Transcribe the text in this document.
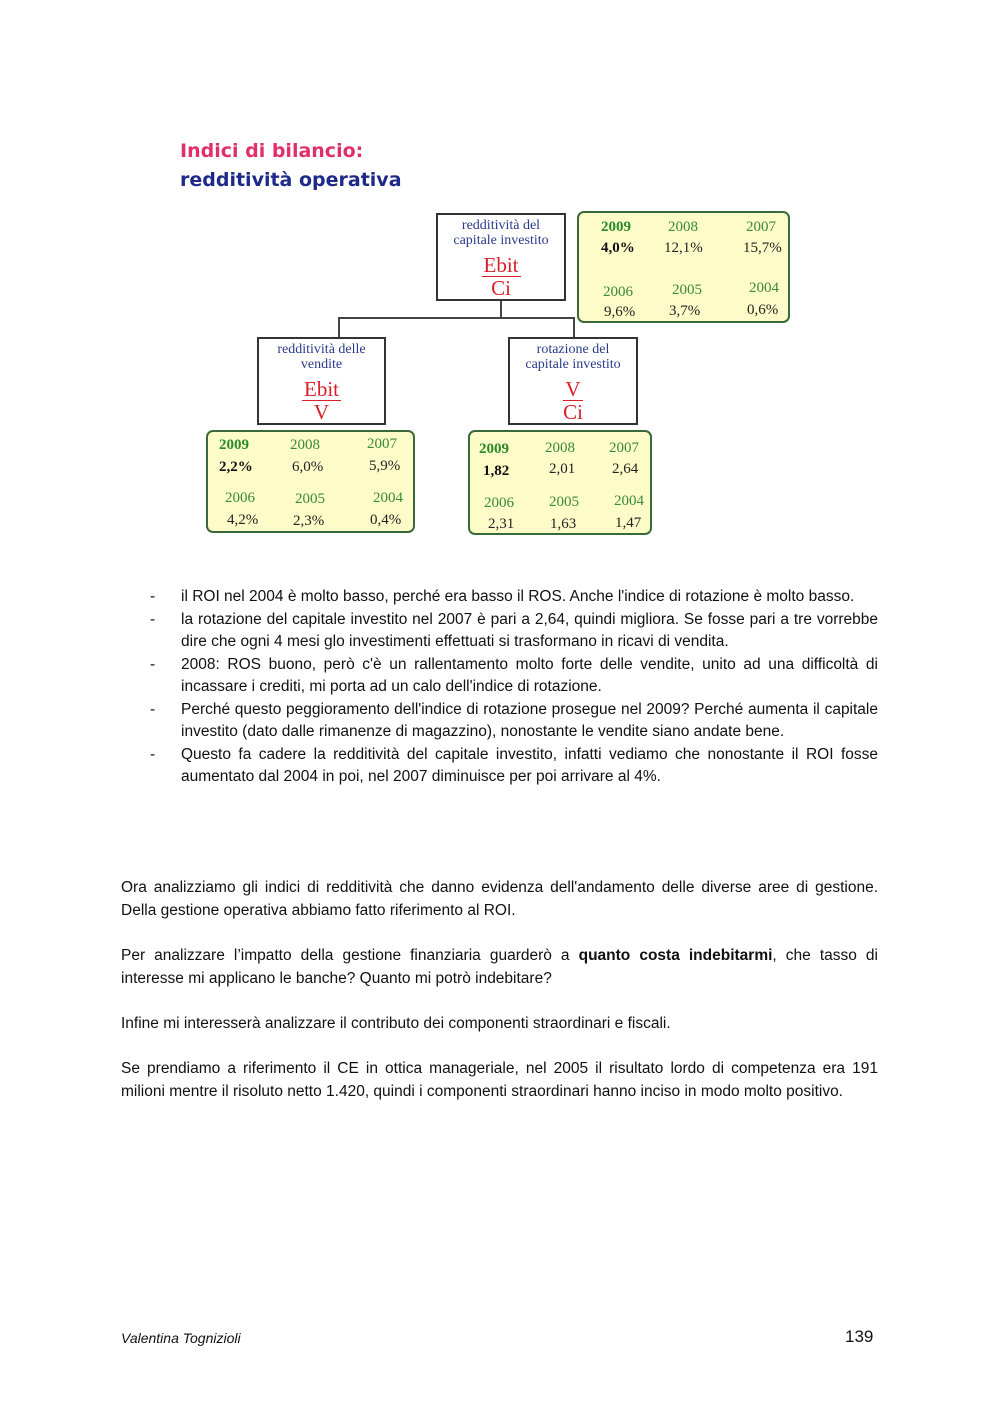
Indici di bilancio:
redditività operativa
redditività del
capitale investito
Ebit
Ci
2009 2008	2007
4,0% 12,1%	15,7%
2006	2005	2004
9,6% 3,7%	0,6%
redditività delle
vendite
Ebit
V
rotazione del
capitale investito
V
Ci
2009	2008	2007
2,2%	6,0%	5,9%
2006	2005	2004
4,2% 2,3%	0,4%
2009 2008 2007
1,82	2,01 2,64
2006 2005 2004
2,31 1,63	1,47
- il ROI nel 2004 è molto basso, perché era basso il ROS. Anche l'indice di rotazione è molto basso.
- la rotazione del capitale investito nel 2007 è pari a 2,64, quindi migliora. Se fosse pari a tre vorrebbe dire che ogni 4 mesi glo investimenti effettuati si trasformano in ricavi di vendita.
- 2008: ROS buono, però c'è un rallentamento molto forte delle vendite, unito ad una difficoltà di incassare i crediti, mi porta ad un calo dell'indice di rotazione.
- Perché questo peggioramento dell'indice di rotazione prosegue nel 2009? Perché aumenta il capitale investito (dato dalle rimanenze di magazzino), nonostante le vendite siano andate bene.
- Questo fa cadere la redditività del capitale investito, infatti vediamo che nonostante il ROI fosse aumentato dal 2004 in poi, nel 2007 diminuisce per poi arrivare al 4%.

Ora analizziamo gli indici di redditività che danno evidenza dell'andamento delle diverse aree di gestione. Della gestione operativa abbiamo fatto riferimento al ROI.

Per analizzare l’impatto della gestione finanziaria guarderò a quanto costa indebitarmi, che tasso di interesse mi applicano le banche? Quanto mi potrò indebitare?

Infine mi interesserà analizzare il contributo dei componenti straordinari e fiscali.

Se prendiamo a riferimento il CE in ottica manageriale, nel 2005 il risultato lordo di competenza era 191 milioni mentre il risoluto netto 1.420, quindi i componenti straordinari hanno inciso in modo molto positivo.

Valentina Tognizioli	139
